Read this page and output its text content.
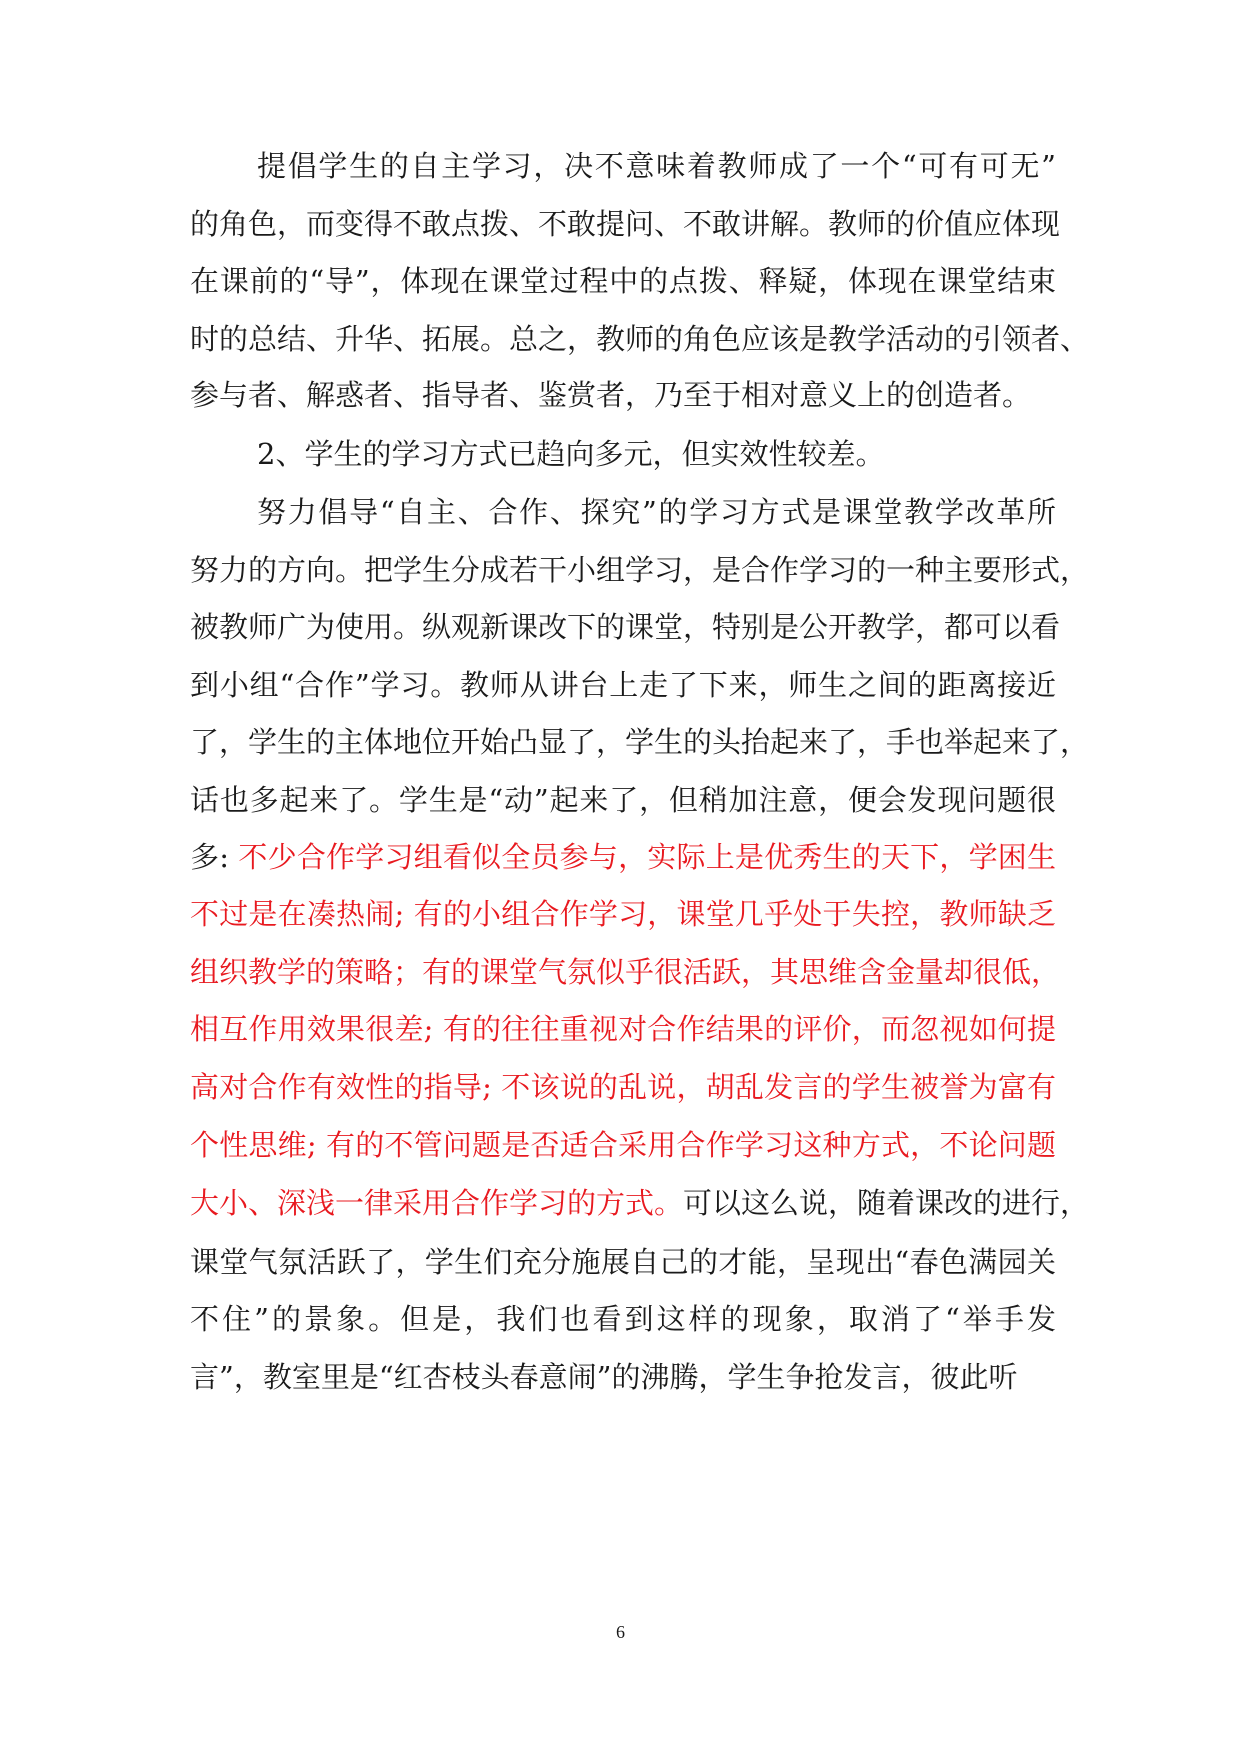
提倡学生的自主学习，决不意味着教师成了一个“可有可无”
的角色，而变得不敢点拨、不敢提问、不敢讲解。教师的价值应体现
在课前的“导”，体现在课堂过程中的点拨、释疑，体现在课堂结束
时的总结、升华、拓展。总之，教师的角色应该是教学活动的引领者、
参与者、解惑者、指导者、鉴赏者，乃至于相对意义上的创造者。
2、学生的学习方式已趋向多元，但实效性较差。
努力倡导“自主、合作、探究”的学习方式是课堂教学改革所
努力的方向。把学生分成若干小组学习，是合作学习的一种主要形式，
被教师广为使用。纵观新课改下的课堂，特别是公开教学，都可以看
到小组“合作”学习。教师从讲台上走了下来，师生之间的距离接近
了，学生的主体地位开始凸显了，学生的头抬起来了，手也举起来了，
话也多起来了。学生是“动”起来了，但稍加注意，便会发现问题很
多: 不少合作学习组看似全员参与，实际上是优秀生的天下，学困生
不过是在凑热闹; 有的小组合作学习，课堂几乎处于失控，教师缺乏
组织教学的策略；有的课堂气氛似乎很活跃，其思维含金量却很低，
相互作用效果很差; 有的往往重视对合作结果的评价，而忽视如何提
高对合作有效性的指导; 不该说的乱说，胡乱发言的学生被誉为富有
个性思维; 有的不管问题是否适合采用合作学习这种方式，不论问题
大小、深浅一律采用合作学习的方式。可以这么说，随着课改的进行，
课堂气氛活跃了，学生们充分施展自己的才能，呈现出“春色满园关
不住”的景象。但是，我们也看到这样的现象，取消了“举手发
言”，教室里是“红杏枝头春意闹”的沸腾，学生争抢发言，彼此听
6
